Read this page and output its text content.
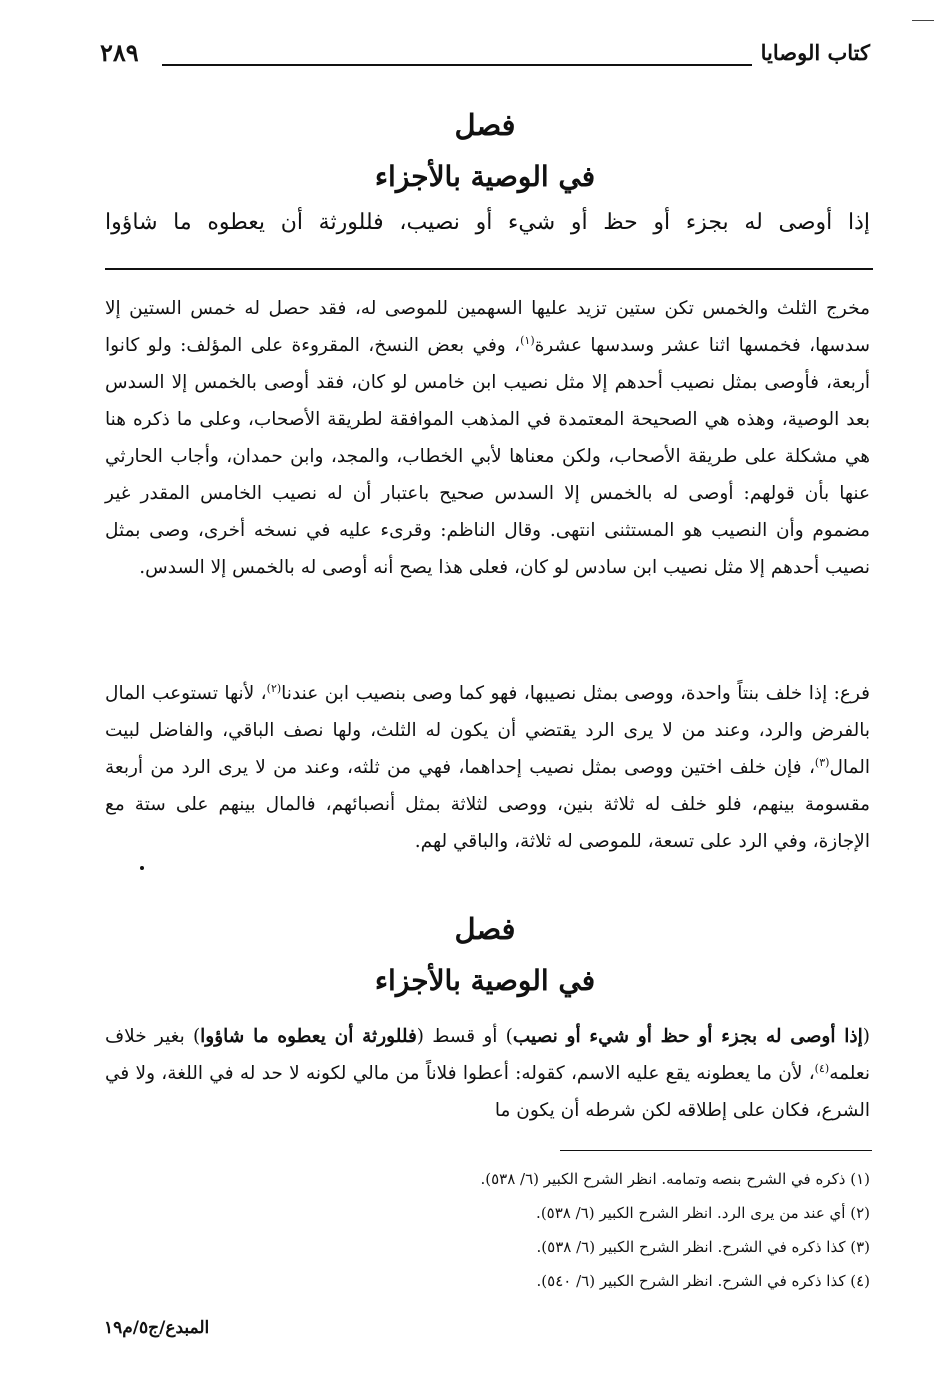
كتاب الوصايا
٢٨٩
فصل
في الوصية بالأجزاء
إذا أوصى له بجزء أو حظ أو شيء أو نصيب، فللورثة أن يعطوه ما شاؤوا

مخرج الثلث والخمس تكن ستين تزيد عليها السهمين للموصى له، فقد حصل له خمس الستين إلا سدسها، فخمسها اثنا عشر وسدسها عشرة$^{(١)}$، وفي بعض النسخ، المقروءة على المؤلف: ولو كانوا أربعة، فأوصى بمثل نصيب أحدهم إلا مثل نصيب ابن خامس لو كان، فقد أوصى بالخمس إلا السدس بعد الوصية، وهذه هي الصحيحة المعتمدة في المذهب الموافقة لطريقة الأصحاب، وعلى ما ذكره هنا هي مشكلة على طريقة الأصحاب، ولكن معناها لأبي الخطاب، والمجد، وابن حمدان، وأجاب الحارثي عنها بأن قولهم: أوصى له بالخمس إلا السدس صحيح باعتبار أن له نصيب الخامس المقدر غير مضموم وأن النصيب هو المستثنى انتهى. وقال الناظم: وقرىء عليه في نسخه أخرى، وصى بمثل نصيب أحدهم إلا مثل نصيب ابن سادس لو كان، فعلى هذا يصح أنه أوصى له بالخمس إلا السدس.

فرع: إذا خلف بنتاً واحدة، ووصى بمثل نصيبها، فهو كما وصى بنصيب ابن عندنا$^{(٢)}$، لأنها تستوعب المال بالفرض والرد، وعند من لا يرى الرد يقتضي أن يكون له الثلث، ولها نصف الباقي، والفاضل لبيت المال$^{(٣)}$، فإن خلف اختين ووصى بمثل نصيب إحداهما، فهي من ثلثه، وعند من لا يرى الرد من أربعة مقسومة بينهم، فلو خلف له ثلاثة بنين، ووصى لثلاثة بمثل أنصبائهم، فالمال بينهم على ستة مع الإجازة، وفي الرد على تسعة، للموصى له ثلاثة، والباقي لهم.

فصل
في الوصية بالأجزاء

(إذا أوصى له بجزء أو حظ أو شيء أو نصيب) أو قسط (فللورثة أن يعطوه ما شاؤوا) بغير خلاف نعلمه$^{(٤)}$، لأن ما يعطونه يقع عليه الاسم، كقوله: أعطوا فلاناً من مالي لكونه لا حد له في اللغة، ولا في الشرع، فكان على إطلاقه لكن شرطه أن يكون ما

(١) ذكره في الشرح بنصه وتمامه. انظر الشرح الكبير (٦/ ٥٣٨).
(٢) أي عند من يرى الرد. انظر الشرح الكبير (٦/ ٥٣٨).
(٣) كذا ذكره في الشرح. انظر الشرح الكبير (٦/ ٥٣٨).
(٤) كذا ذكره في الشرح. انظر الشرح الكبير (٦/ ٥٤٠).
المبدع/ج٥/م١٩
